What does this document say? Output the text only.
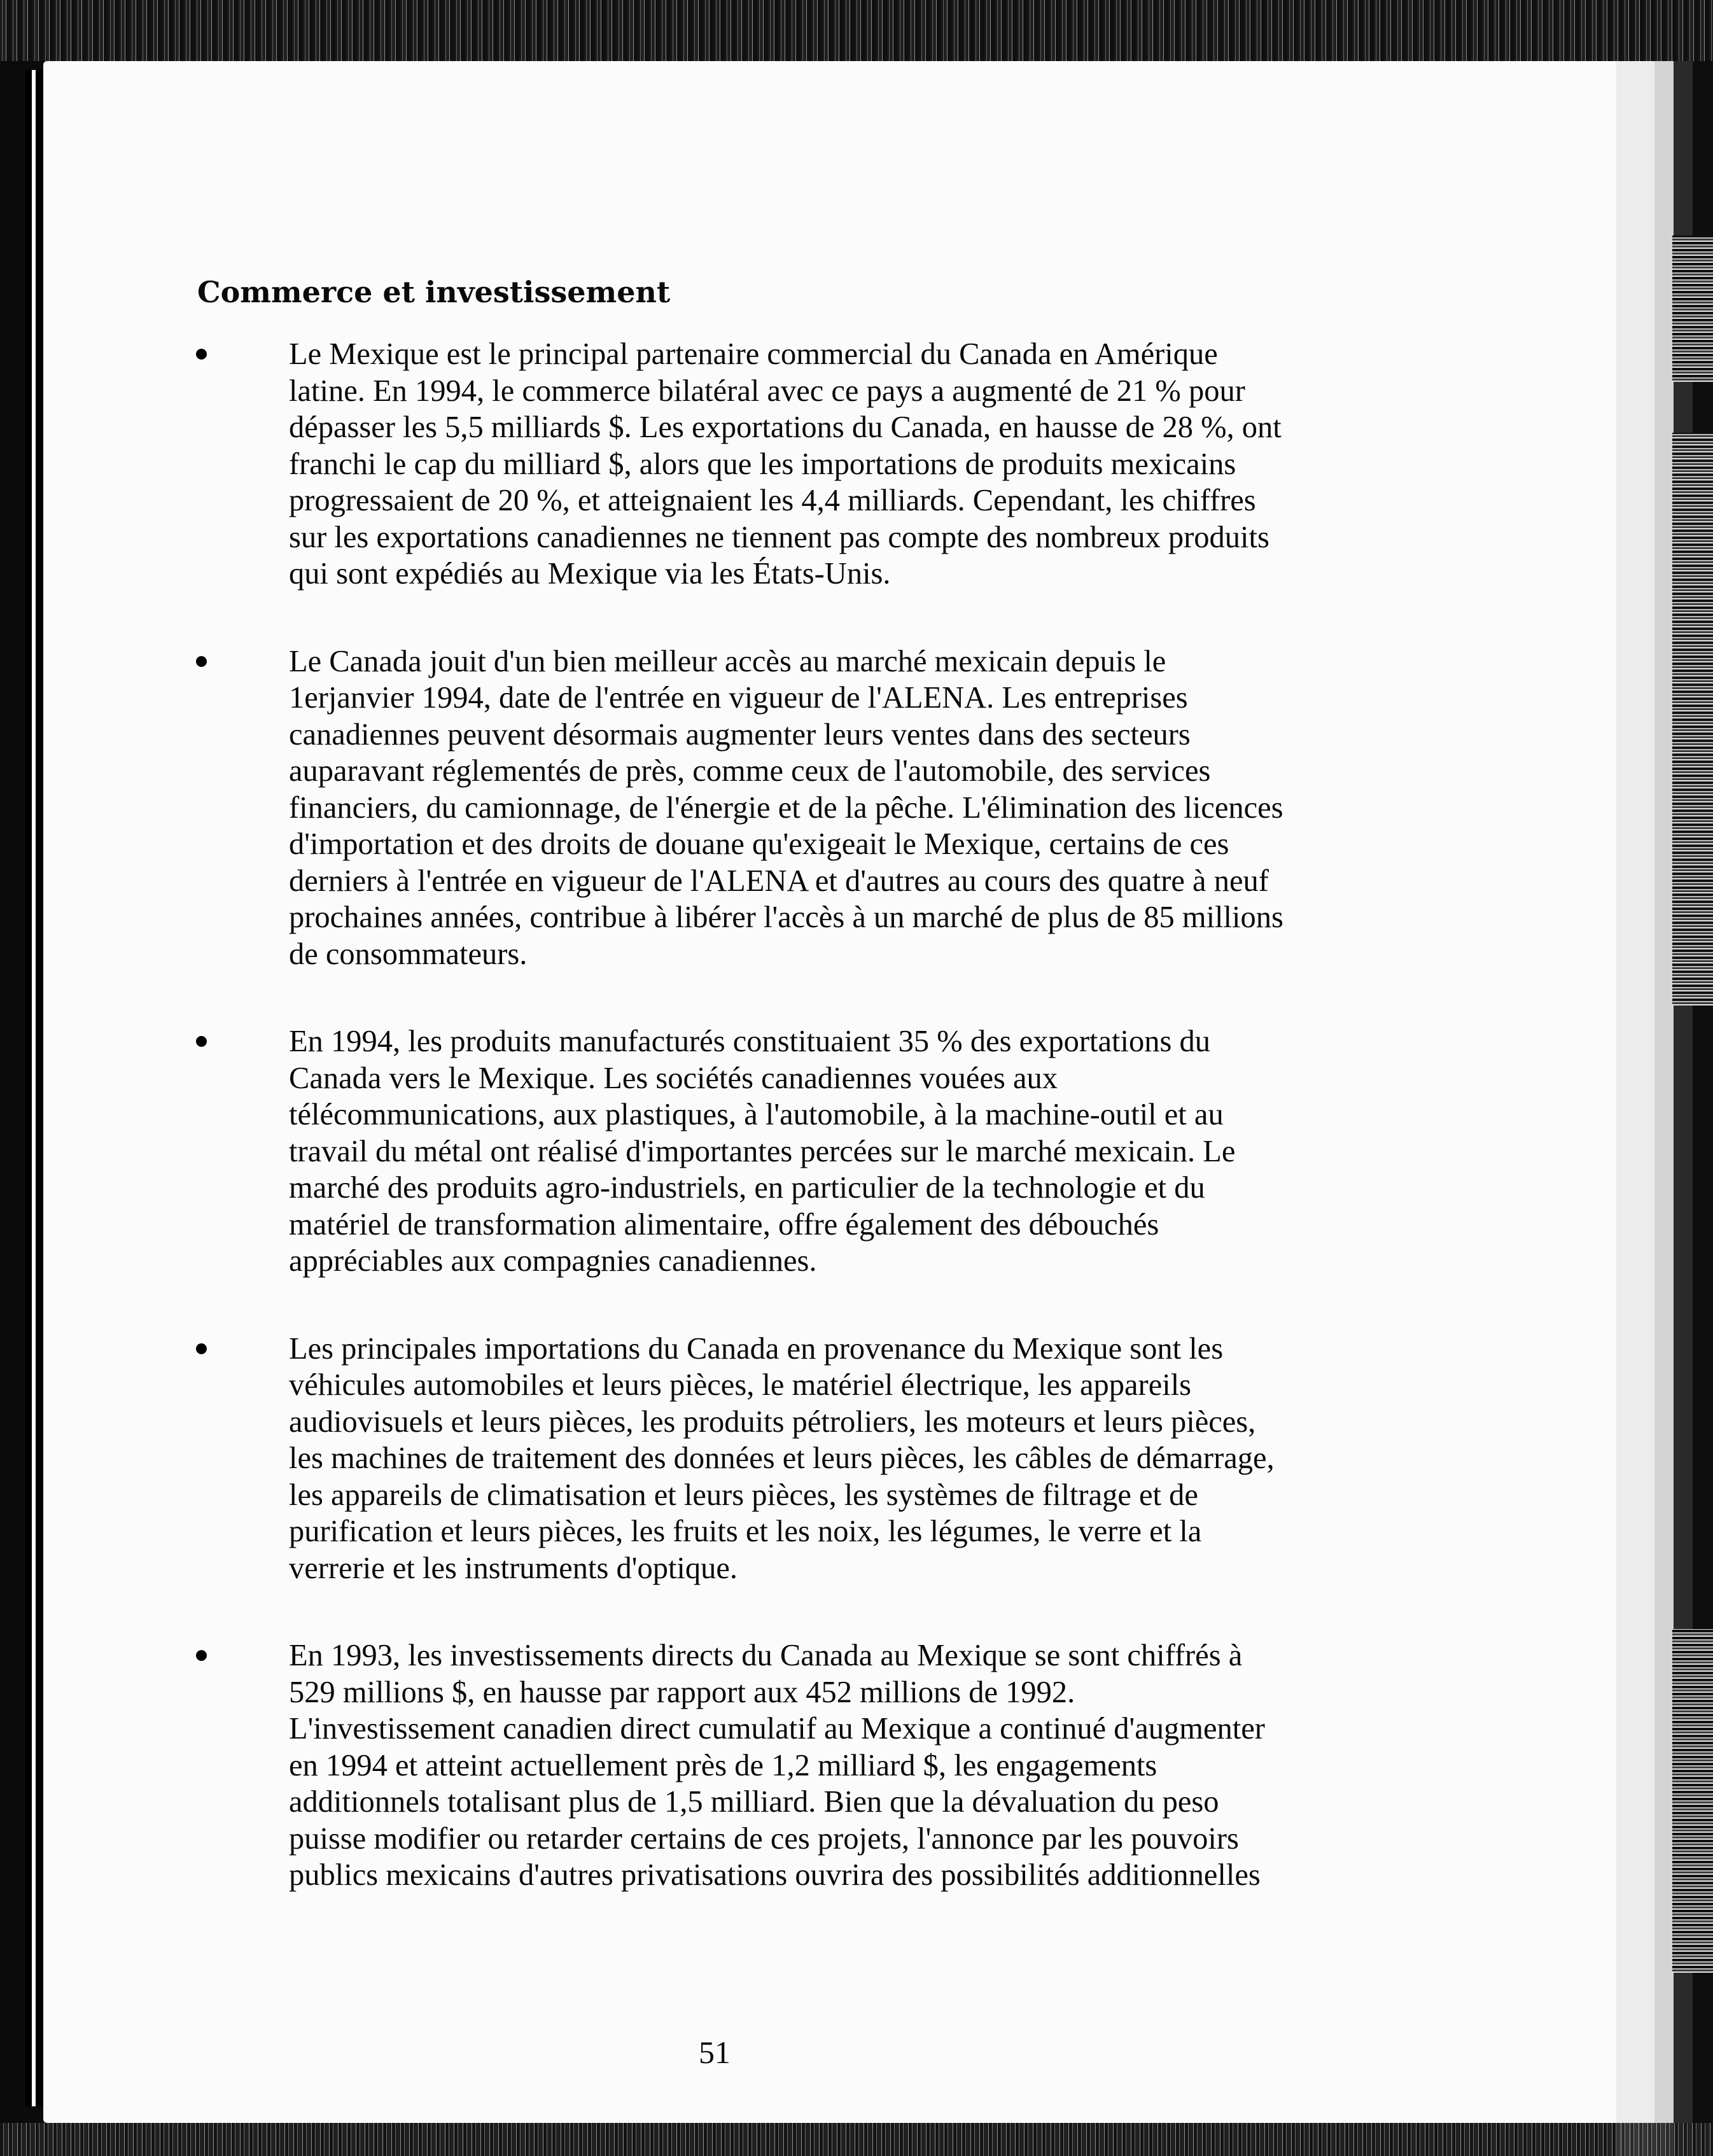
Commerce et investissement
Le Mexique est le principal partenaire commercial du Canada en Amérique latine. En 1994, le commerce bilatéral avec ce pays a augmenté de 21 % pour dépasser les 5,5 milliards $. Les exportations du Canada, en hausse de 28 %, ont franchi le cap du milliard $, alors que les importations de produits mexicains progressaient de 20 %, et atteignaient les 4,4 milliards. Cependant, les chiffres sur les exportations canadiennes ne tiennent pas compte des nombreux produits qui sont expédiés au Mexique via les États-Unis.
Le Canada jouit d'un bien meilleur accès au marché mexicain depuis le 1erjanvier 1994, date de l'entrée en vigueur de l'ALENA. Les entreprises canadiennes peuvent désormais augmenter leurs ventes dans des secteurs auparavant réglementés de près, comme ceux de l'automobile, des services financiers, du camionnage, de l'énergie et de la pêche. L'élimination des licences d'importation et des droits de douane qu'exigeait le Mexique, certains de ces derniers à l'entrée en vigueur de l'ALENA et d'autres au cours des quatre à neuf prochaines années, contribue à libérer l'accès à un marché de plus de 85 millions de consommateurs.
En 1994, les produits manufacturés constituaient 35 % des exportations du Canada vers le Mexique. Les sociétés canadiennes vouées aux télécommunications, aux plastiques, à l'automobile, à la machine-outil et au travail du métal ont réalisé d'importantes percées sur le marché mexicain. Le marché des produits agro-industriels, en particulier de la technologie et du matériel de transformation alimentaire, offre également des débouchés appréciables aux compagnies canadiennes.
Les principales importations du Canada en provenance du Mexique sont les véhicules automobiles et leurs pièces, le matériel électrique, les appareils audiovisuels et leurs pièces, les produits pétroliers, les moteurs et leurs pièces, les machines de traitement des données et leurs pièces, les câbles de démarrage, les appareils de climatisation et leurs pièces, les systèmes de filtrage et de purification et leurs pièces, les fruits et les noix, les légumes, le verre et la verrerie et les instruments d'optique.
En 1993, les investissements directs du Canada au Mexique se sont chiffrés à 529 millions $, en hausse par rapport aux 452 millions de 1992. L'investissement canadien direct cumulatif au Mexique a continué d'augmenter en 1994 et atteint actuellement près de 1,2 milliard $, les engagements additionnels totalisant plus de 1,5 milliard. Bien que la dévaluation du peso puisse modifier ou retarder certains de ces projets, l'annonce par les pouvoirs publics mexicains d'autres privatisations ouvrira des possibilités additionnelles
51
